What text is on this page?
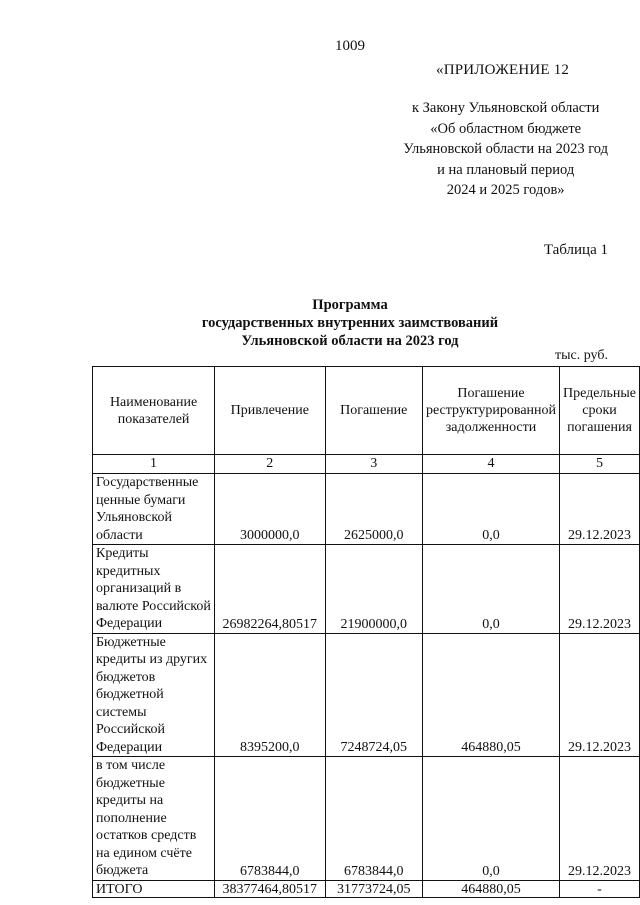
1009
«ПРИЛОЖЕНИЕ 12
к Закону Ульяновской области
«Об областном бюджете
Ульяновской области на 2023 год
и на плановый период
2024 и 2025 годов»
Таблица 1
Программа
государственных внутренних заимствований
Ульяновской области на 2023 год
тыс. руб.
Наименование показателей	Привлечение	Погашение	Погашение реструктурированной задолженности	Предельные сроки погашения
1	2	3	4	5
Государственные ценные бумаги Ульяновской области	3000000,0	2625000,0	0,0	29.12.2023
Кредиты кредитных организаций в валюте Российской Федерации	26982264,80517	21900000,0	0,0	29.12.2023
Бюджетные кредиты из других бюджетов бюджетной системы Российской Федерации	8395200,0	7248724,05	464880,05	29.12.2023
в том числе бюджетные кредиты на пополнение остатков средств на едином счёте бюджета	6783844,0	6783844,0	0,0	29.12.2023
ИТОГО	38377464,80517	31773724,05	464880,05	-
